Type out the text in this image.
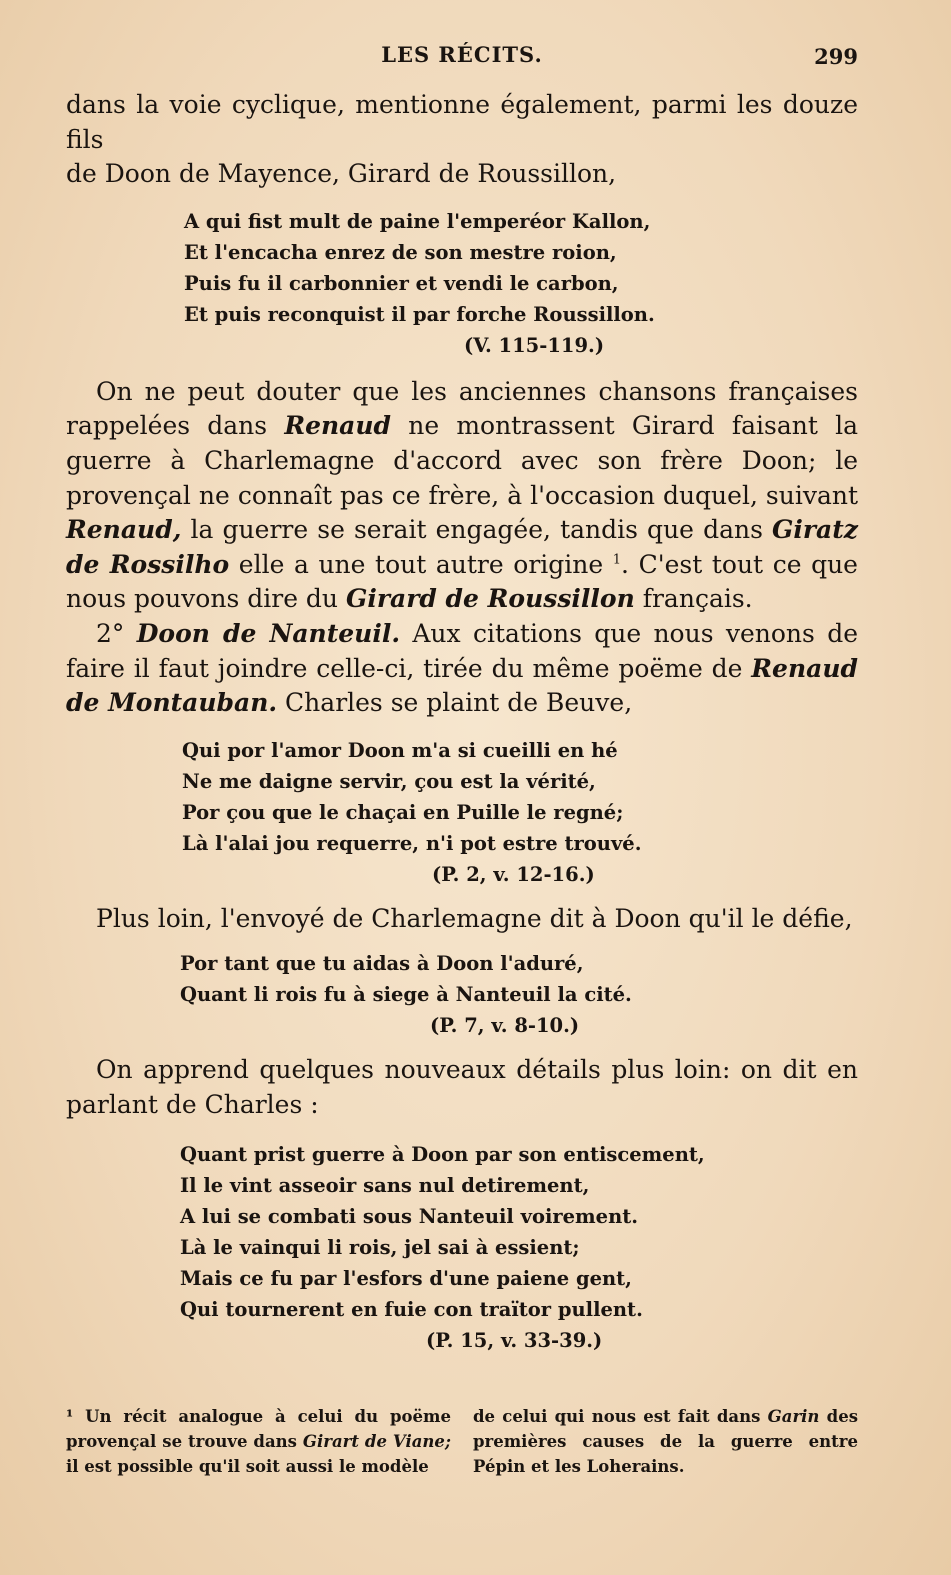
LES RÉCITS.	299

dans la voie cyclique, mentionne également, parmi les douze fils
de Doon de Mayence, Girard de Roussillon,

A qui fist mult de paine l'emperéor Kallon,
Et l'encacha enrez de son mestre roion,
Puis fu il carbonnier et vendi le carbon,
Et puis reconquist il par forche Roussillon.
(V. 115-119.)

On ne peut douter que les anciennes chansons françaises rappelées dans Renaud ne montrassent Girard faisant la guerre à Charlemagne d'accord avec son frère Doon; le provençal ne connaît pas ce frère, à l'occasion duquel, suivant Renaud, la guerre se serait engagée, tandis que dans Giratz de Rossilho elle a une tout autre origine $^1$. C'est tout ce que nous pouvons dire du Girard de Roussillon français.

2° Doon de Nanteuil. Aux citations que nous venons de faire il faut joindre celle-ci, tirée du même poëme de Renaud de Montauban. Charles se plaint de Beuve,

Qui por l'amor Doon m'a si cueilli en hé
Ne me daigne servir, çou est la vérité,
Por çou que le chaçai en Puille le regné;
Là l'alai jou requerre, n'i pot estre trouvé.
(P. 2, v. 12-16.)

Plus loin, l'envoyé de Charlemagne dit à Doon qu'il le défie,

Por tant que tu aidas à Doon l'aduré,
Quant li rois fu à siege à Nanteuil la cité.
(P. 7, v. 8-10.)

On apprend quelques nouveaux détails plus loin: on dit en parlant de Charles :

Quant prist guerre à Doon par son entiscement,
Il le vint asseoir sans nul detirement,
A lui se combati sous Nanteuil voirement.
Là le vainqui li rois, jel sai à essient;
Mais ce fu par l'esfors d'une paiene gent,
Qui tournerent en fuie con traïtor pullent.
(P. 15, v. 33-39.)
¹ Un récit analogue à celui du poëme provençal se trouve dans Girart de Viane; il est possible qu'il soit aussi le modèle
de celui qui nous est fait dans Garin des premières causes de la guerre entre Pépin et les Loherains.
